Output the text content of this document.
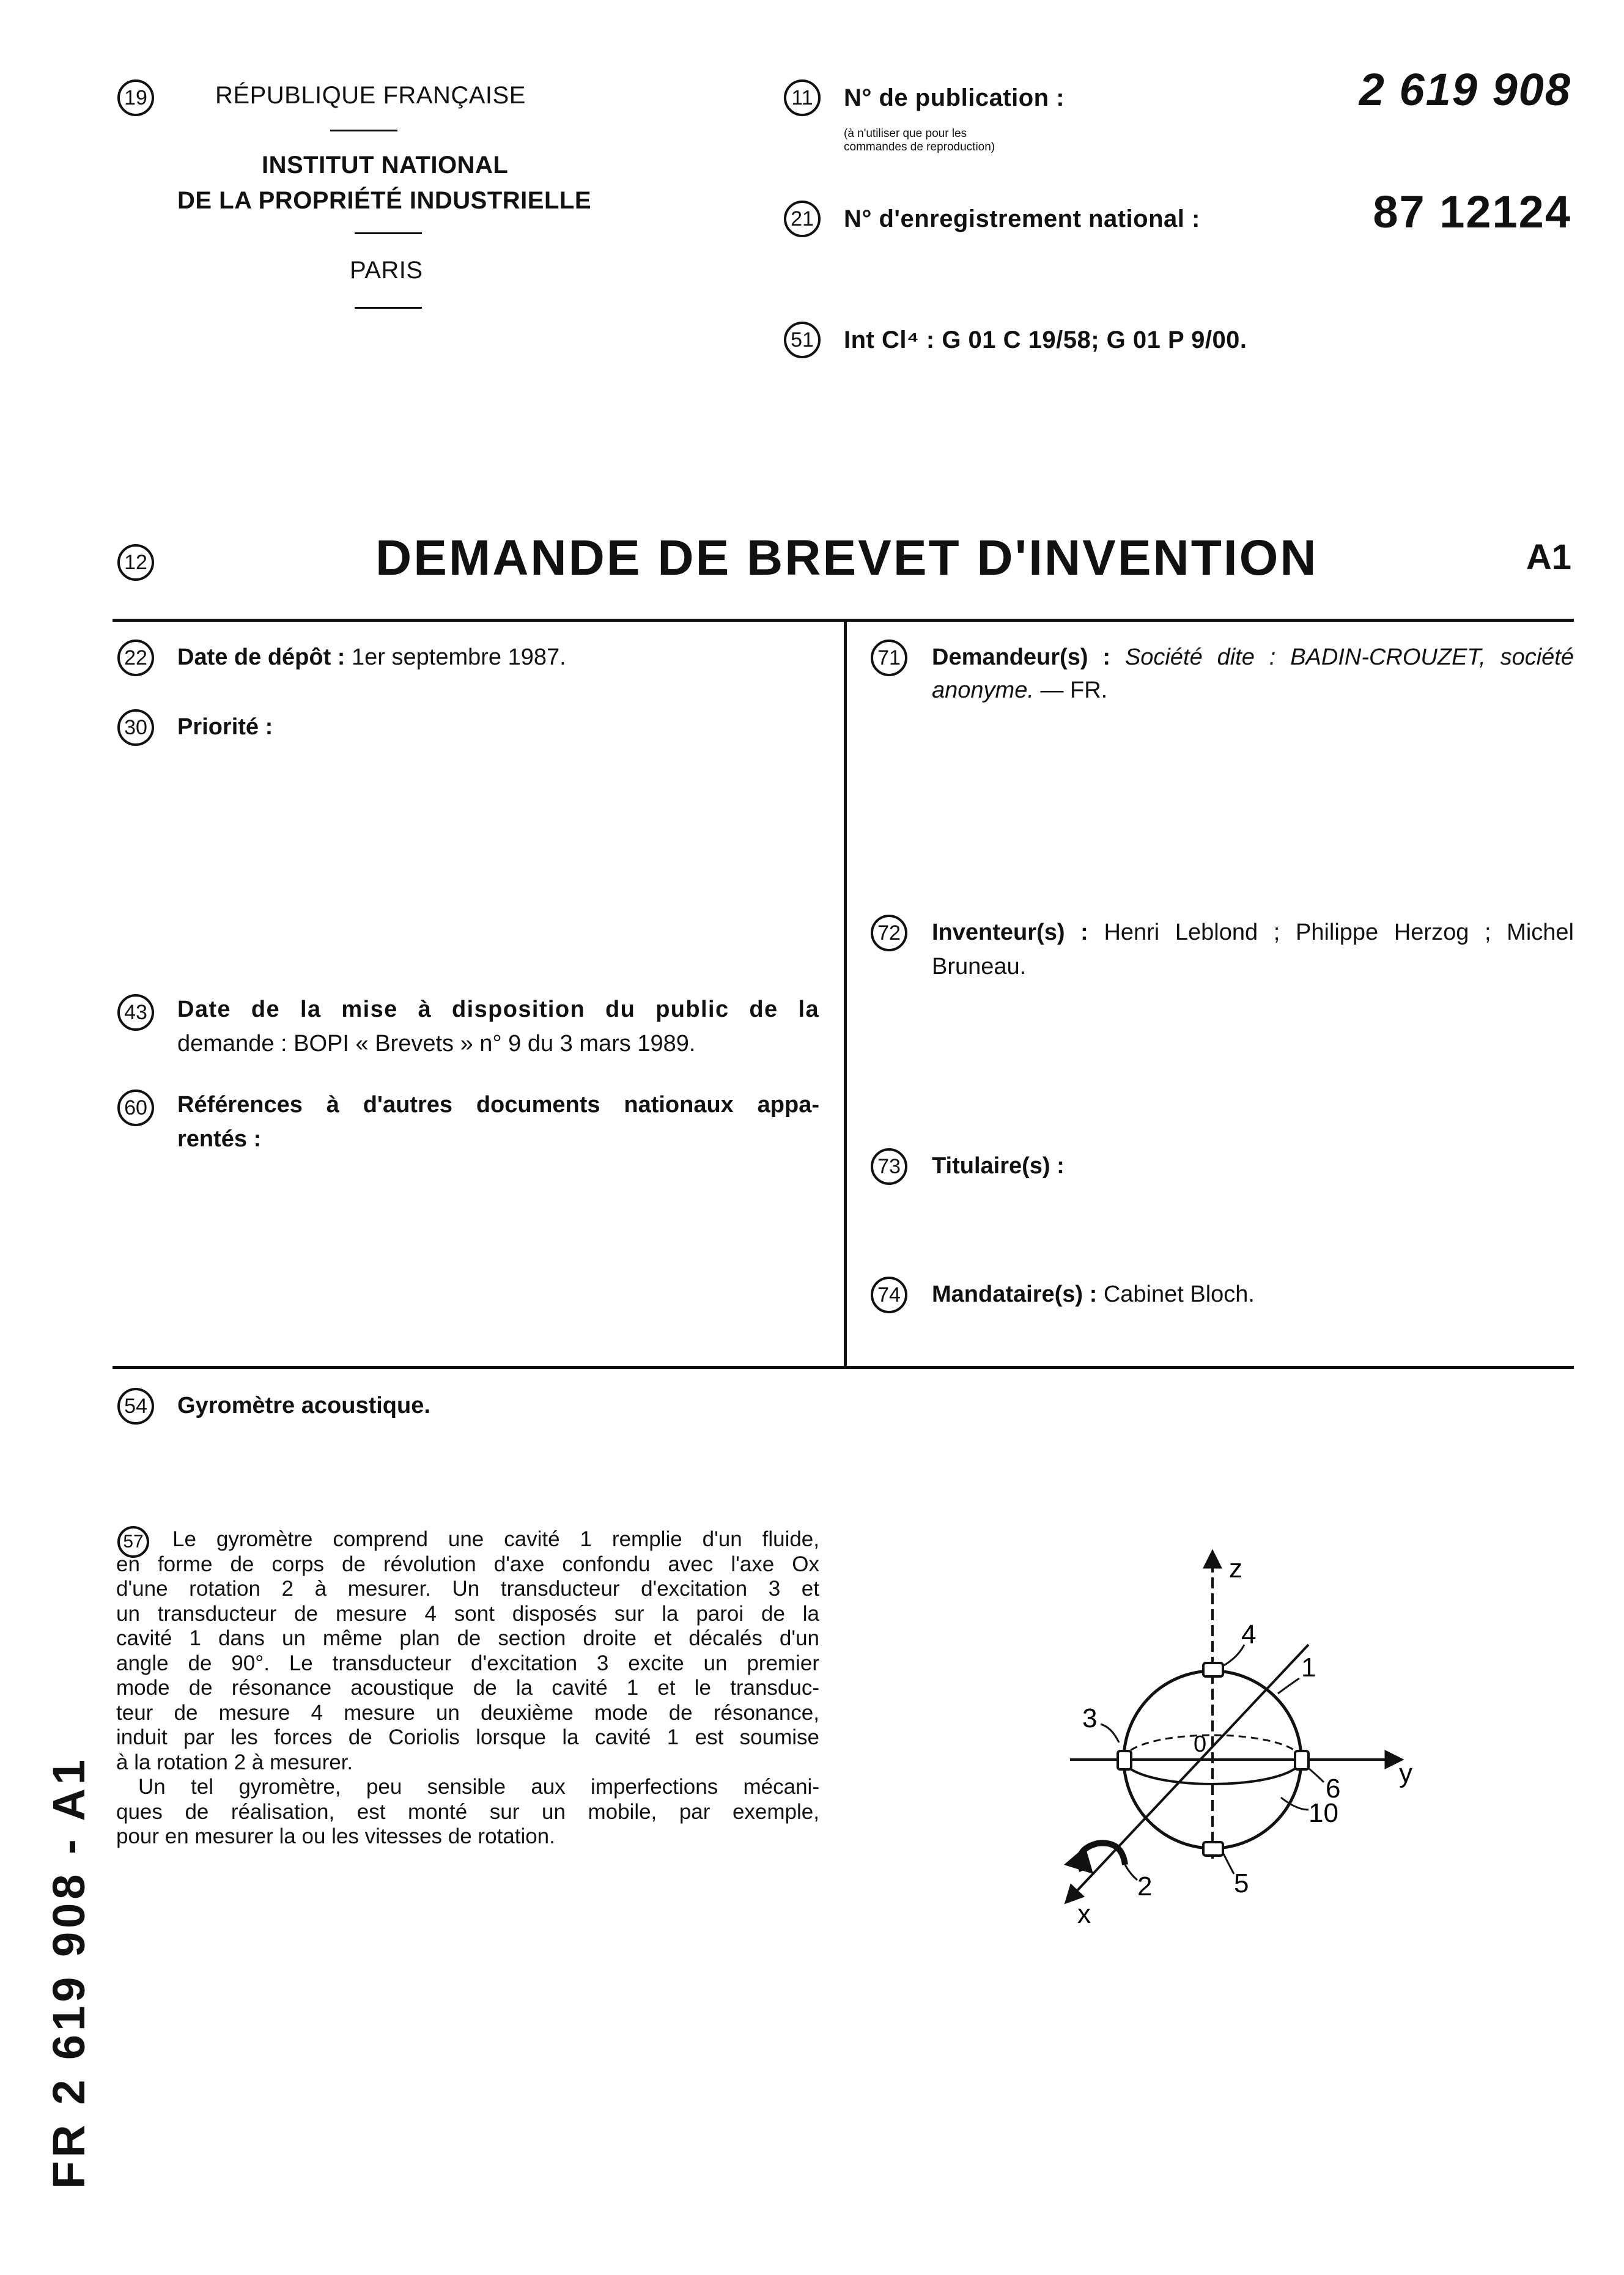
19	RÉPUBLIQUE FRANÇAISE
INSTITUT NATIONAL
DE LA PROPRIÉTÉ INDUSTRIELLE
PARIS
11	N° de publication :
(à n'utiliser que pour les
commandes de reproduction)
2 619 908
21 N° d'enregistrement national :	87 12124
51 Int Cl⁴ : G 01 C 19/58; G 01 P 9/00.
12	DEMANDE DE BREVET D'INVENTION	A1
22 Date de dépôt : 1er septembre 1987.
30 Priorité :
43 Date de la mise à disposition du public de la
demande : BOPI « Brevets » n° 9 du 3 mars 1989.
60 Références à d'autres documents nationaux appa-
rentés :
71 Demandeur(s) : Société dite : BADIN-CROUZET, société
anonyme. — FR.
72 Inventeur(s) : Henri Leblond ; Philippe Herzog ; Michel
Bruneau.
73 Titulaire(s) :
74 Mandataire(s) : Cabinet Bloch.
54 Gyromètre acoustique.
57	Le gyromètre comprend une cavité 1 remplie d'un fluide,
en forme de corps de révolution d'axe confondu avec l'axe Ox
d'une rotation 2 à mesurer. Un transducteur d'excitation 3 et
un transducteur de mesure 4 sont disposés sur la paroi de la
cavité 1 dans un même plan de section droite et décalés d'un
angle de 90°. Le transducteur d'excitation 3 excite un premier
mode de résonance acoustique de la cavité 1 et le transduc-
teur de mesure 4 mesure un deuxième mode de résonance,
induit par les forces de Coriolis lorsque la cavité 1 est soumise
à la rotation 2 à mesurer.
Un tel gyromètre, peu sensible aux imperfections mécani-
ques de réalisation, est monté sur un mobile, par exemple,
pour en mesurer la ou les vitesses de rotation.
z
y
x
0
1
2
3
4
5
6
10
FR 2 619 908 - A1
